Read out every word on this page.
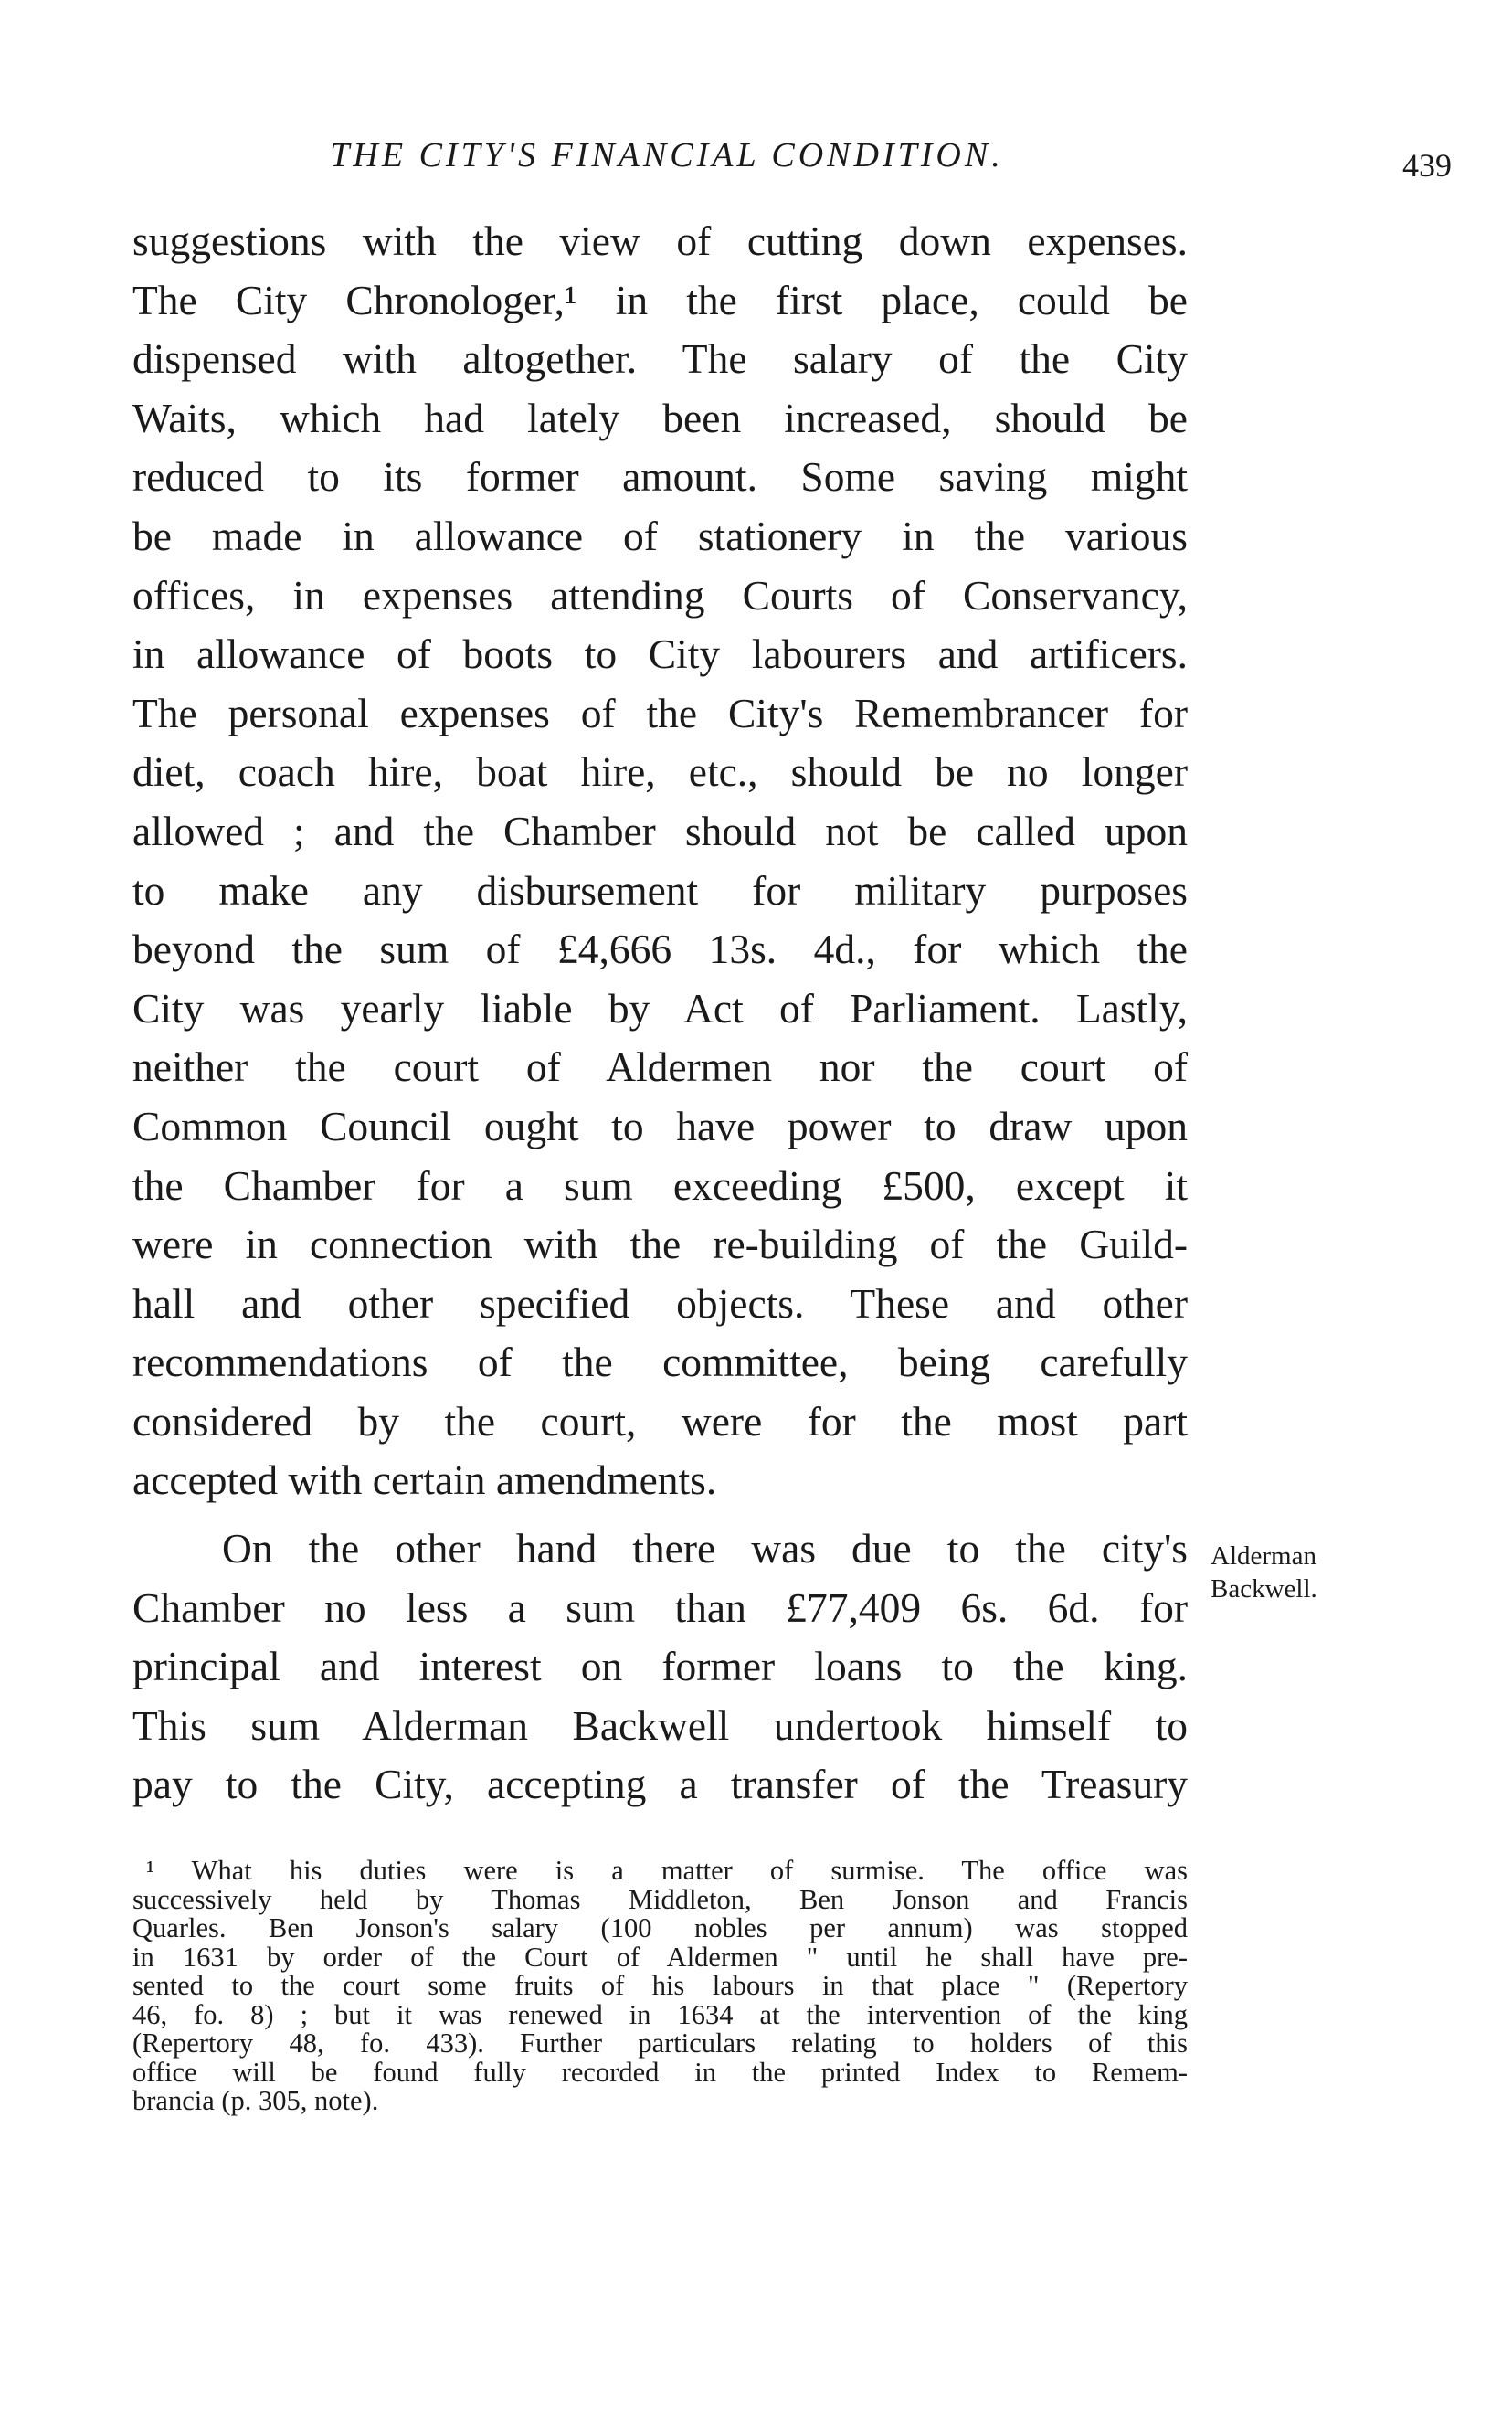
THE CITY'S FINANCIAL CONDITION.	439
suggestions with the view of cutting down expenses.
The City Chronologer,¹ in the first place, could be
dispensed with altogether. The salary of the City
Waits, which had lately been increased, should be
reduced to its former amount. Some saving might
be made in allowance of stationery in the various
offices, in expenses attending Courts of Conservancy,
in allowance of boots to City labourers and artificers.
The personal expenses of the City's Remembrancer for
diet, coach hire, boat hire, etc., should be no longer
allowed ; and the Chamber should not be called upon
to make any disbursement for military purposes
beyond the sum of £4,666 13s. 4d., for which the
City was yearly liable by Act of Parliament. Lastly,
neither the court of Aldermen nor the court of
Common Council ought to have power to draw upon
the Chamber for a sum exceeding £500, except it
were in connection with the re-building of the Guild-
hall and other specified objects. These and other
recommendations of the committee, being carefully
considered by the court, were for the most part
accepted with certain amendments.
On the other hand there was due to the city's
Chamber no less a sum than £77,409 6s. 6d. for
principal and interest on former loans to the king.
This sum Alderman Backwell undertook himself to
pay to the City, accepting a transfer of the Treasury
Alderman
Backwell.
¹ What his duties were is a matter of surmise. The office was
successively held by Thomas Middleton, Ben Jonson and Francis
Quarles. Ben Jonson's salary (100 nobles per annum) was stopped
in 1631 by order of the Court of Aldermen " until he shall have pre-
sented to the court some fruits of his labours in that place " (Repertory
46, fo. 8) ; but it was renewed in 1634 at the intervention of the king
(Repertory 48, fo. 433). Further particulars relating to holders of this
office will be found fully recorded in the printed Index to Remem-
brancia (p. 305, note).
